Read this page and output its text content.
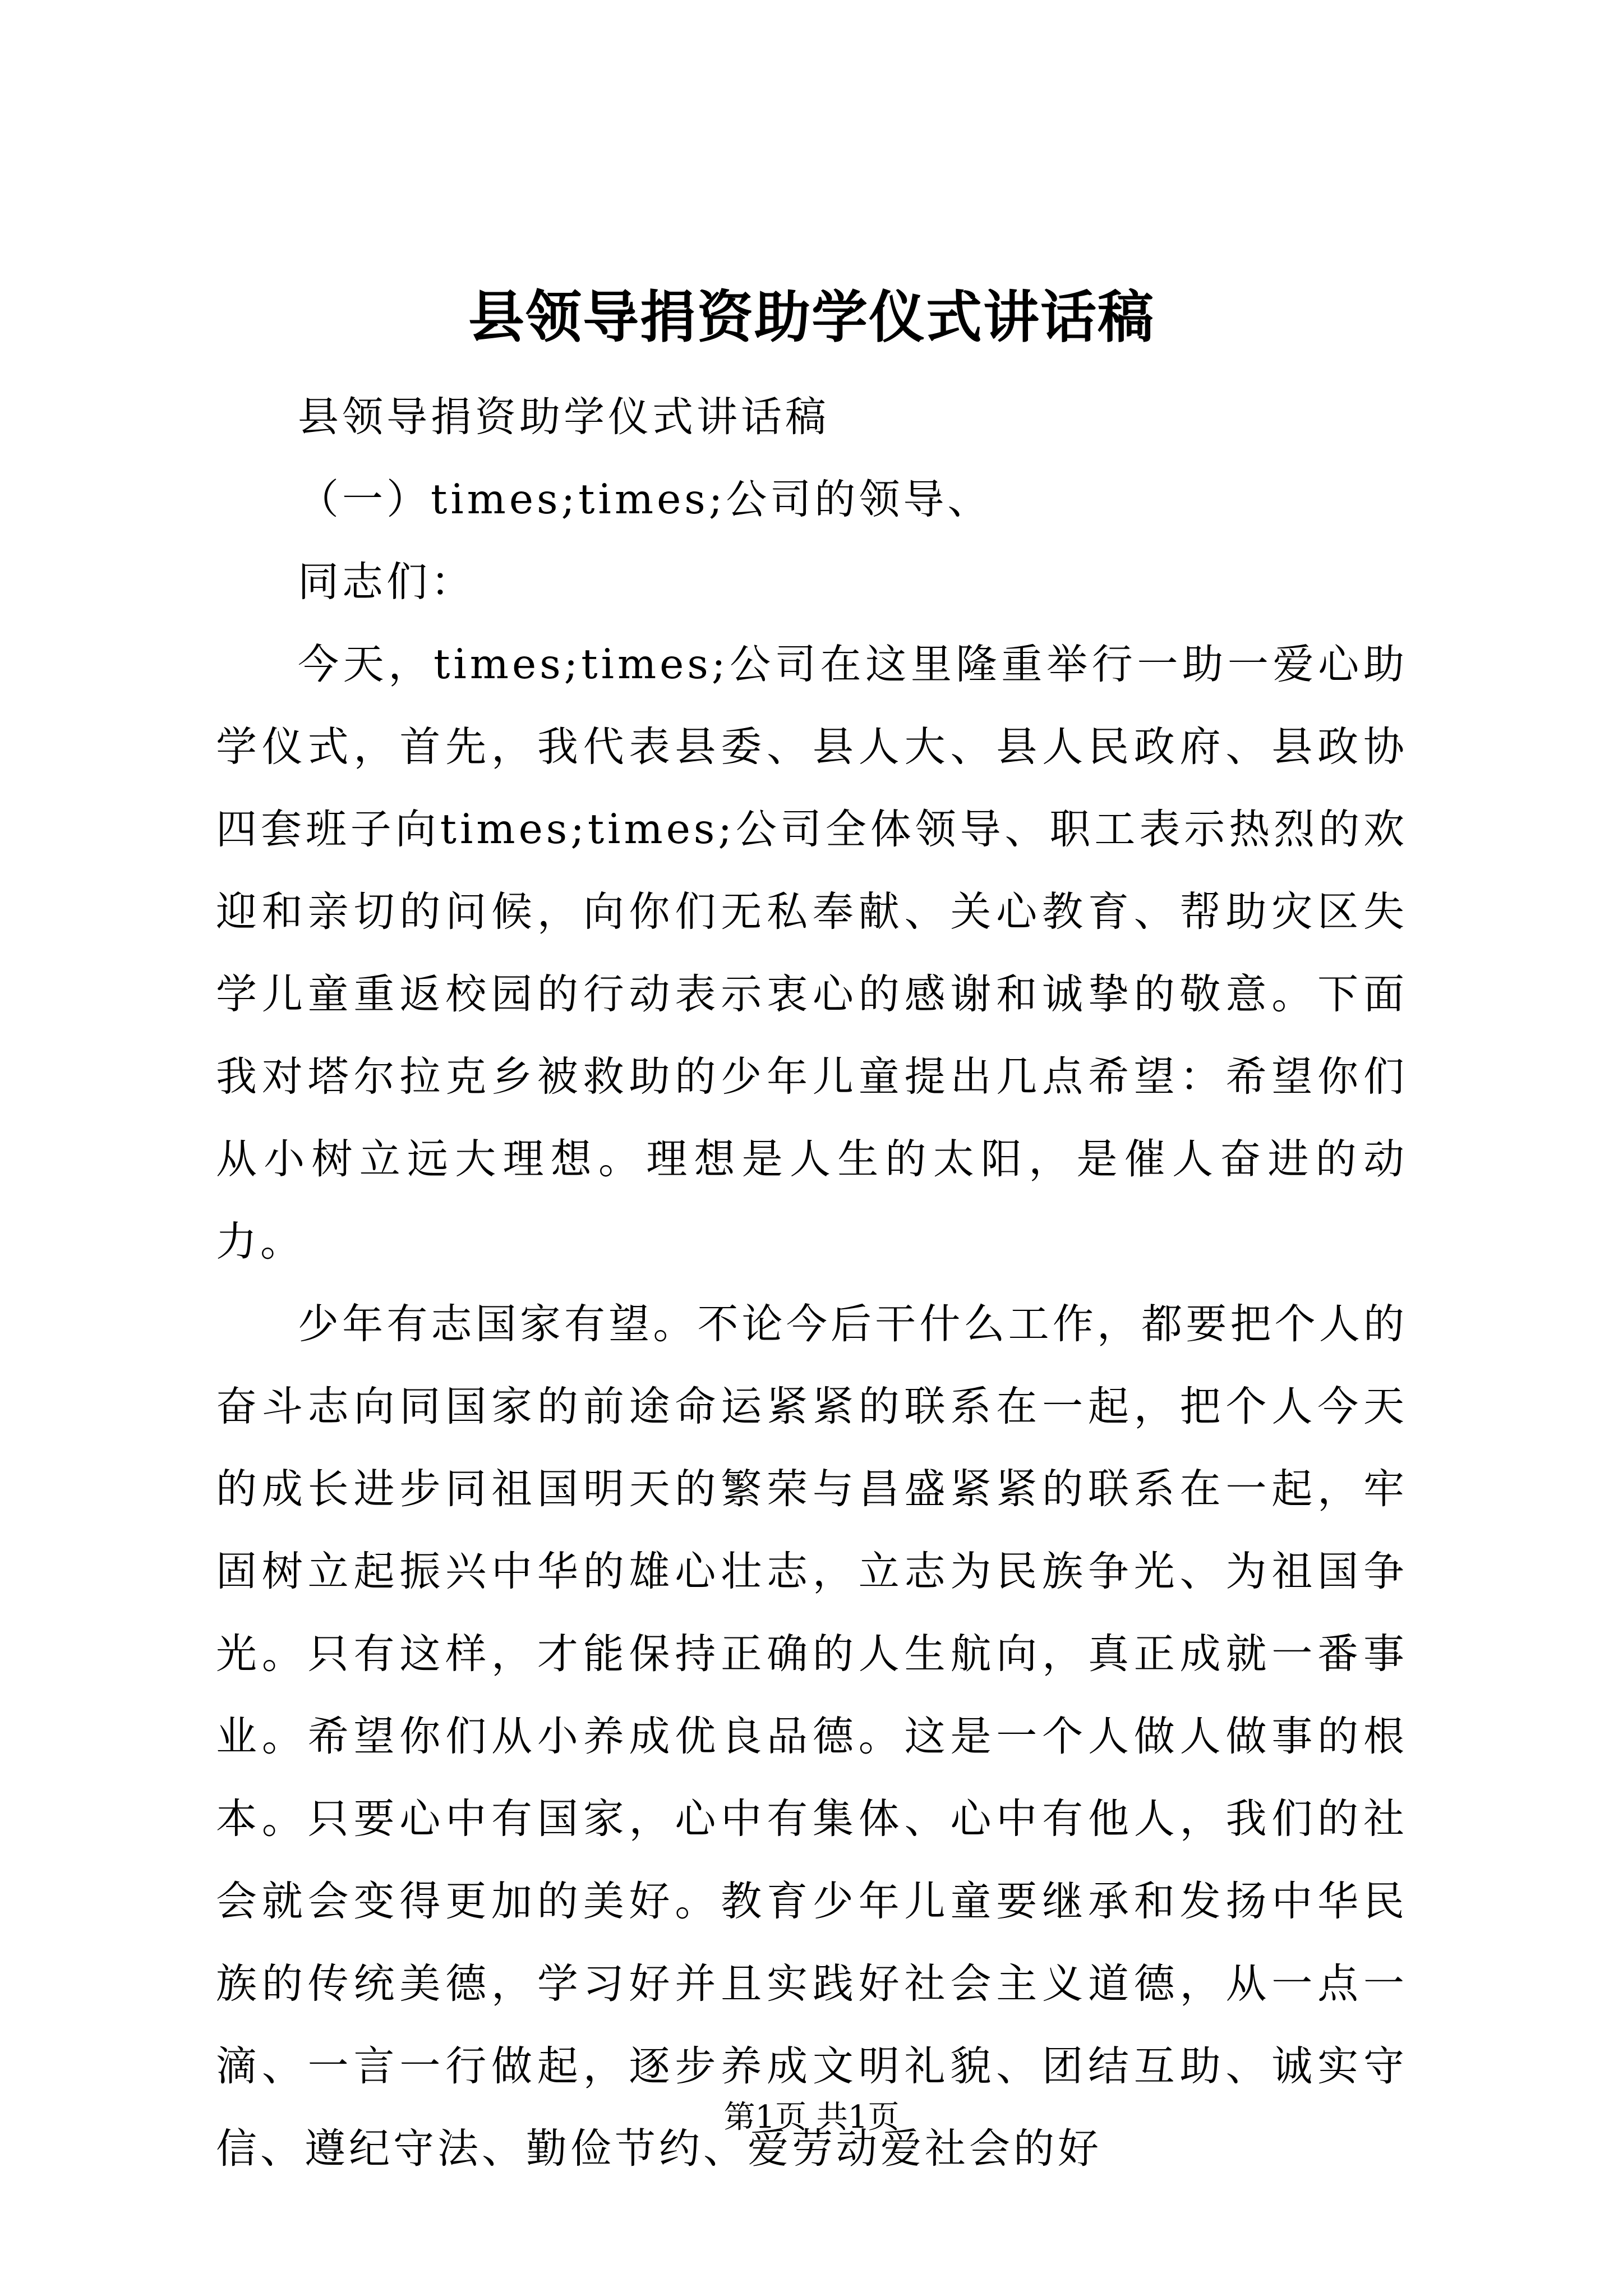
县领导捐资助学仪式讲话稿

县领导捐资助学仪式讲话稿

（一）times;times;公司的领导、

同志们：

今天，times;times;公司在这里隆重举行一助一爱心助学仪式，首先，我代表县委、县人大、县人民政府、县政协四套班子向times;times;公司全体领导、职工表示热烈的欢迎和亲切的问候，向你们无私奉献、关心教育、帮助灾区失学儿童重返校园的行动表示衷心的感谢和诚挚的敬意。下面我对塔尔拉克乡被救助的少年儿童提出几点希望：希望你们从小树立远大理想。理想是人生的太阳，是催人奋进的动力。

少年有志国家有望。不论今后干什么工作，都要把个人的奋斗志向同国家的前途命运紧紧的联系在一起，把个人今天的成长进步同祖国明天的繁荣与昌盛紧紧的联系在一起，牢固树立起振兴中华的雄心壮志，立志为民族争光、为祖国争光。只有这样，才能保持正确的人生航向，真正成就一番事业。希望你们从小养成优良品德。这是一个人做人做事的根本。只要心中有国家，心中有集体、心中有他人，我们的社会就会变得更加的美好。教育少年儿童要继承和发扬中华民族的传统美德，学习好并且实践好社会主义道德，从一点一滴、一言一行做起，逐步养成文明礼貌、团结互助、诚实守信、遵纪守法、勤俭节约、爱劳动爱社会的好

第1页 共1页
